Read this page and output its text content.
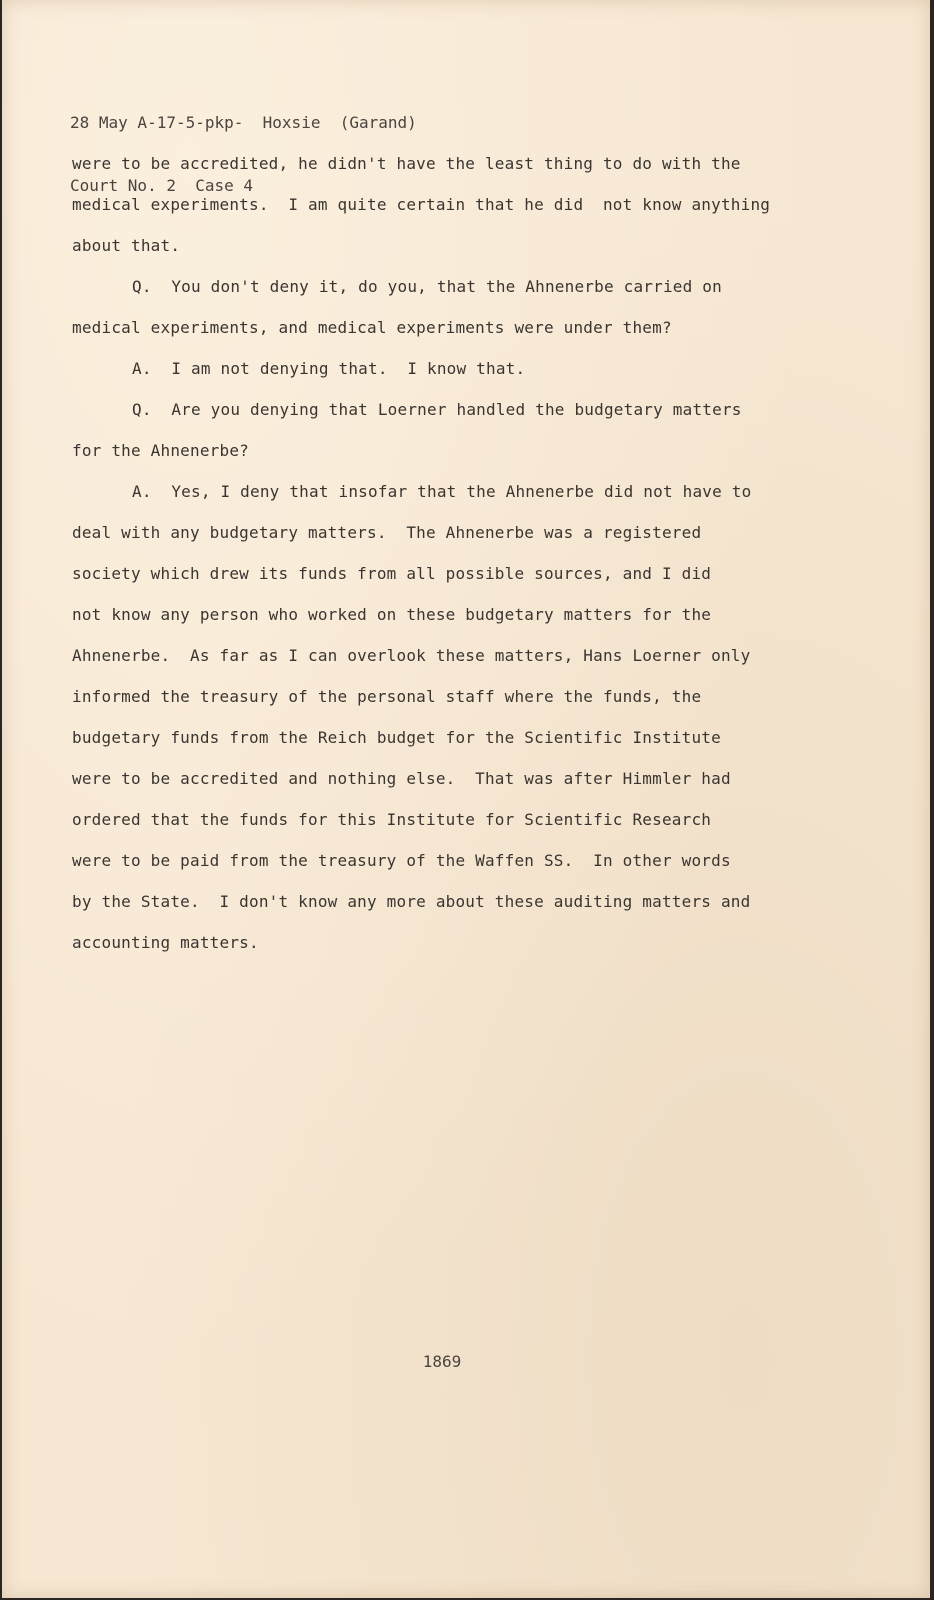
28 May A-17-5-pkp-  Hoxsie  (Garand)

Court No. 2  Case 4

were to be accredited, he didn't have the least thing to do with the
medical experiments.  I am quite certain that he did  not know anything
about that.
Q.  You don't deny it, do you, that the Ahnenerbe carried on
medical experiments, and medical experiments were under them?
A.  I am not denying that.  I know that.
Q.  Are you denying that Loerner handled the budgetary matters
for the Ahnenerbe?
A.  Yes, I deny that insofar that the Ahnenerbe did not have to
deal with any budgetary matters.  The Ahnenerbe was a registered
society which drew its funds from all possible sources, and I did
not know any person who worked on these budgetary matters for the
Ahnenerbe.  As far as I can overlook these matters, Hans Loerner only
informed the treasury of the personal staff where the funds, the
budgetary funds from the Reich budget for the Scientific Institute
were to be accredited and nothing else.  That was after Himmler had
ordered that the funds for this Institute for Scientific Research
were to be paid from the treasury of the Waffen SS.  In other words
by the State.  I don't know any more about these auditing matters and
accounting matters.
1869
